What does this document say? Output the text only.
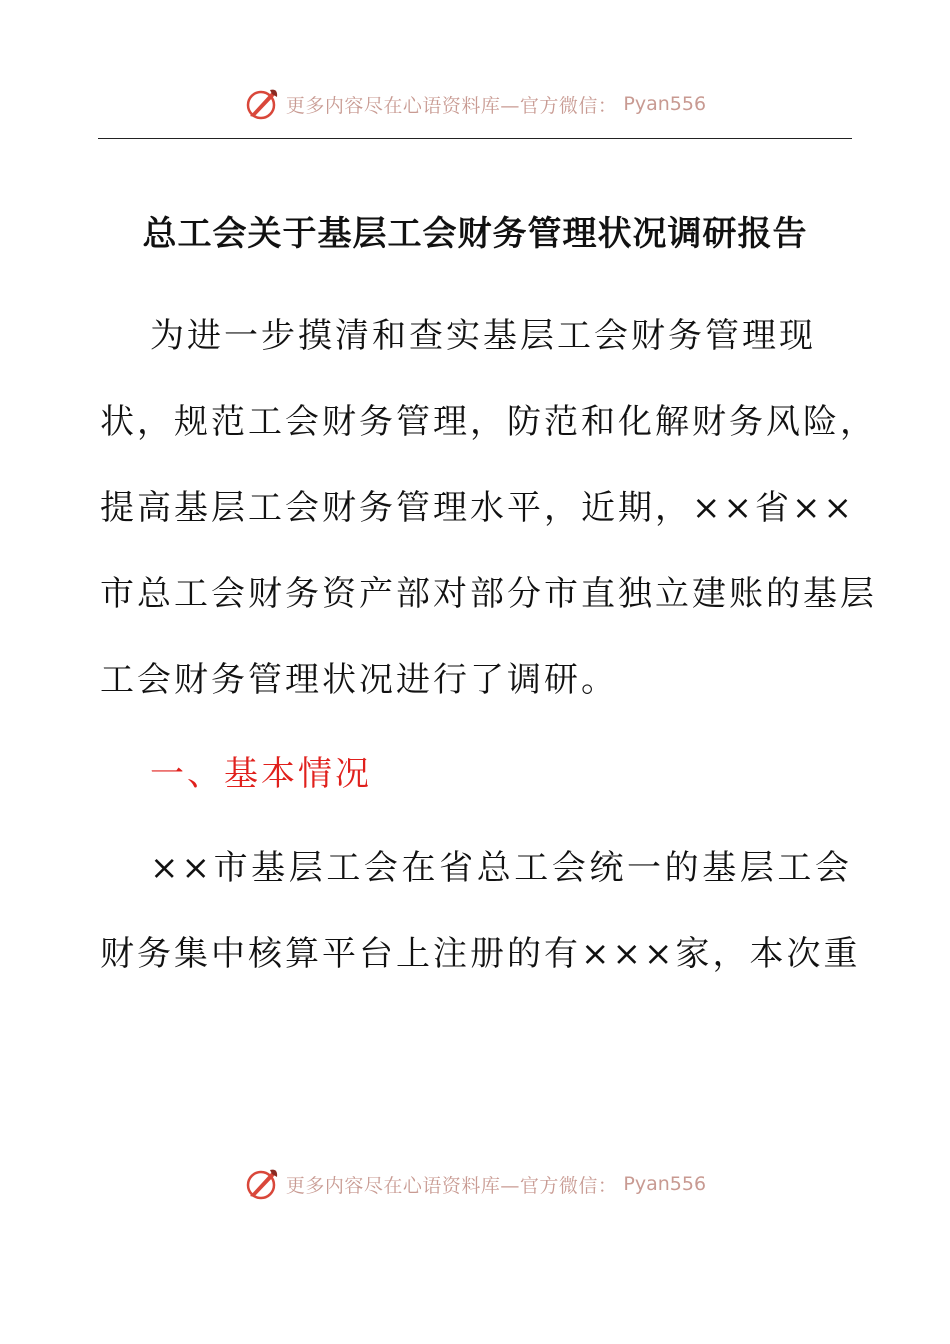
更多内容尽在心语资料库—官方微信： Pyan556
总工会关于基层工会财务管理状况调研报告
为进一步摸清和查实基层工会财务管理现
状，规范工会财务管理，防范和化解财务风险，
提高基层工会财务管理水平，近期，××省××
市总工会财务资产部对部分市直独立建账的基层
工会财务管理状况进行了调研。
一、基本情况
××市基层工会在省总工会统一的基层工会
财务集中核算平台上注册的有×××家，本次重
更多内容尽在心语资料库—官方微信： Pyan556
